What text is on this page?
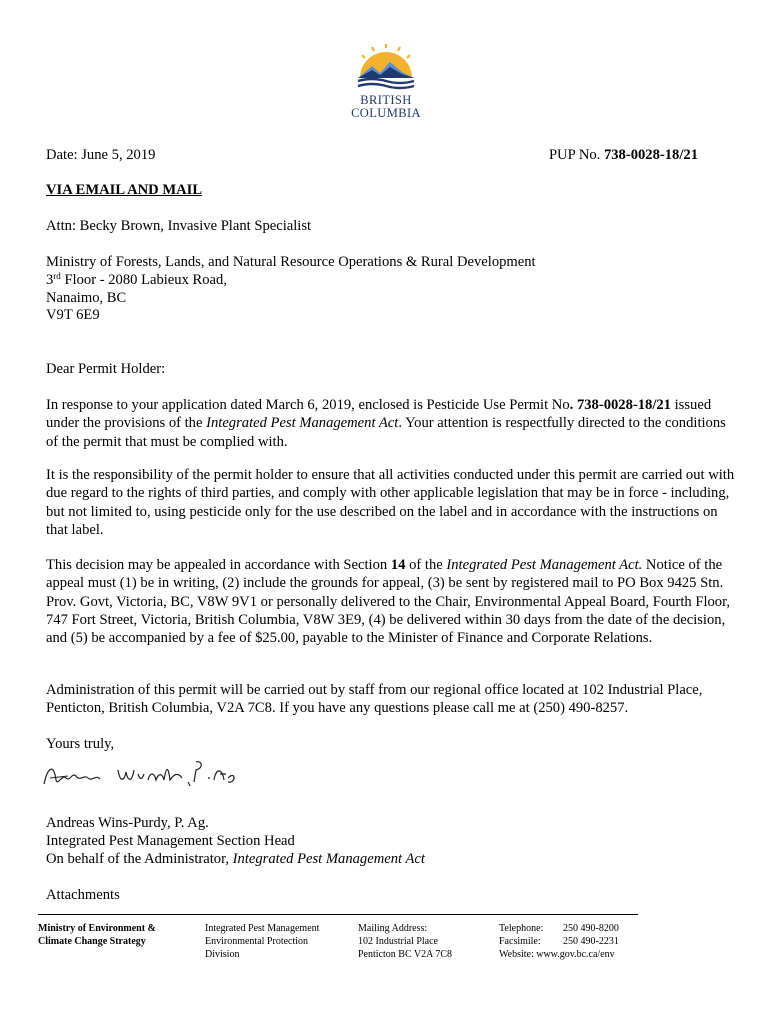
BRITISH
COLUMBIA
Date: June 5, 2019	PUP No. 738-0028-18/21
VIA EMAIL AND MAIL
Attn: Becky Brown, Invasive Plant Specialist
Ministry of Forests, Lands, and Natural Resource Operations & Rural Development
3rd Floor - 2080 Labieux Road,
Nanaimo, BC
V9T 6E9
Dear Permit Holder:

In response to your application dated March 6, 2019, enclosed is Pesticide Use Permit No. 738-0028-18/21 issued under the provisions of the Integrated Pest Management Act. Your attention is respectfully directed to the conditions of the permit that must be complied with.

It is the responsibility of the permit holder to ensure that all activities conducted under this permit are carried out with due regard to the rights of third parties, and comply with other applicable legislation that may be in force - including, but not limited to, using pesticide only for the use described on the label and in accordance with the instructions on that label.

This decision may be appealed in accordance with Section 14 of the Integrated Pest Management Act. Notice of the appeal must (1) be in writing, (2) include the grounds for appeal, (3) be sent by registered mail to PO Box 9425 Stn. Prov. Govt, Victoria, BC, V8W 9V1 or personally delivered to the Chair, Environmental Appeal Board, Fourth Floor, 747 Fort Street, Victoria, British Columbia, V8W 3E9, (4) be delivered within 30 days from the date of the decision, and (5) be accompanied by a fee of $25.00, payable to the Minister of Finance and Corporate Relations.

Administration of this permit will be carried out by staff from our regional office located at 102 Industrial Place, Penticton, British Columbia, V2A 7C8. If you have any questions please call me at (250) 490-8257.

Yours truly,
Andreas Wins-Purdy, P. Ag.
Integrated Pest Management Section Head
On behalf of the Administrator, Integrated Pest Management Act
Attachments
Ministry of Environment &
Climate Change Strategy
Integrated Pest Management
Environmental Protection
Division
Mailing Address:
102 Industrial Place
Penticton BC V2A 7C8
Telephone: 250 490-8200
Facsimile: 250 490-2231
Website: www.gov.bc.ca/env
